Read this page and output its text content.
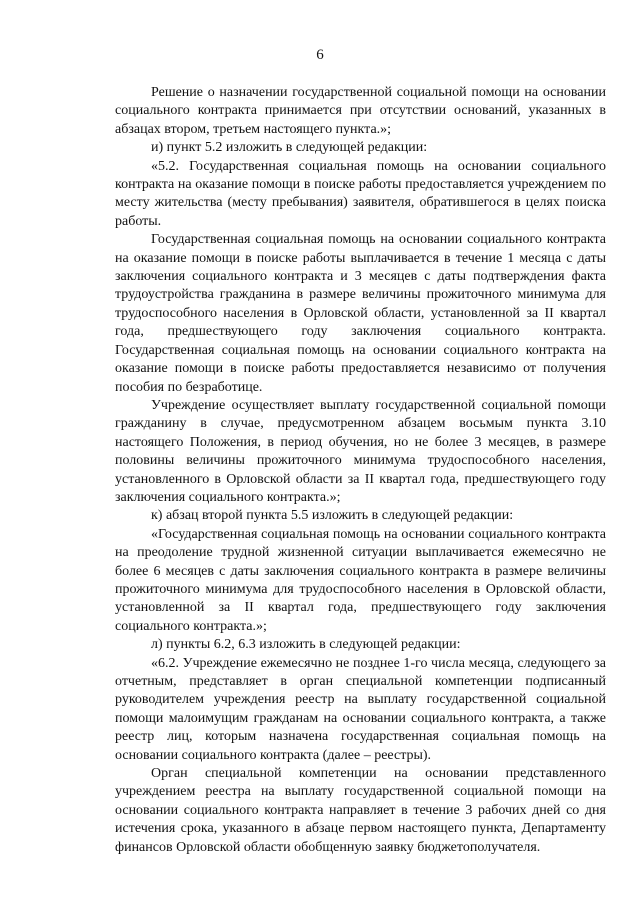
6

Решение о назначении государственной социальной помощи на основании социального контракта принимается при отсутствии оснований, указанных в абзацах втором, третьем настоящего пункта.»;

и) пункт 5.2 изложить в следующей редакции:

«5.2. Государственная социальная помощь на основании социального контракта на оказание помощи в поиске работы предоставляется учреждением по месту жительства (месту пребывания) заявителя, обратившегося в целях поиска работы.

Государственная социальная помощь на основании социального контракта на оказание помощи в поиске работы выплачивается в течение 1 месяца с даты заключения социального контракта и 3 месяцев с даты подтверждения факта трудоустройства гражданина в размере величины прожиточного минимума для трудоспособного населения в Орловской области, установленной за II квартал года, предшествующего году заключения социального контракта. Государственная социальная помощь на основании социального контракта на оказание помощи в поиске работы предоставляется независимо от получения пособия по безработице.

Учреждение осуществляет выплату государственной социальной помощи гражданину в случае, предусмотренном абзацем восьмым пункта 3.10 настоящего Положения, в период обучения, но не более 3 месяцев, в размере половины величины прожиточного минимума трудоспособного населения, установленного в Орловской области за II квартал года, предшествующего году заключения социального контракта.»;

к) абзац второй пункта 5.5 изложить в следующей редакции:

«Государственная социальная помощь на основании социального контракта на преодоление трудной жизненной ситуации выплачивается ежемесячно не более 6 месяцев с даты заключения социального контракта в размере величины прожиточного минимума для трудоспособного населения в Орловской области, установленной за II квартал года, предшествующего году заключения социального контракта.»;

л) пункты 6.2, 6.3 изложить в следующей редакции:

«6.2. Учреждение ежемесячно не позднее 1-го числа месяца, следующего за отчетным, представляет в орган специальной компетенции подписанный руководителем учреждения реестр на выплату государственной социальной помощи малоимущим гражданам на основании социального контракта, а также реестр лиц, которым назначена государственная социальная помощь на основании социального контракта (далее – реестры).

Орган специальной компетенции на основании представленного учреждением реестра на выплату государственной социальной помощи на основании социального контракта направляет в течение 3 рабочих дней со дня истечения срока, указанного в абзаце первом настоящего пункта, Департаменту финансов Орловской области обобщенную заявку бюджетополучателя.
